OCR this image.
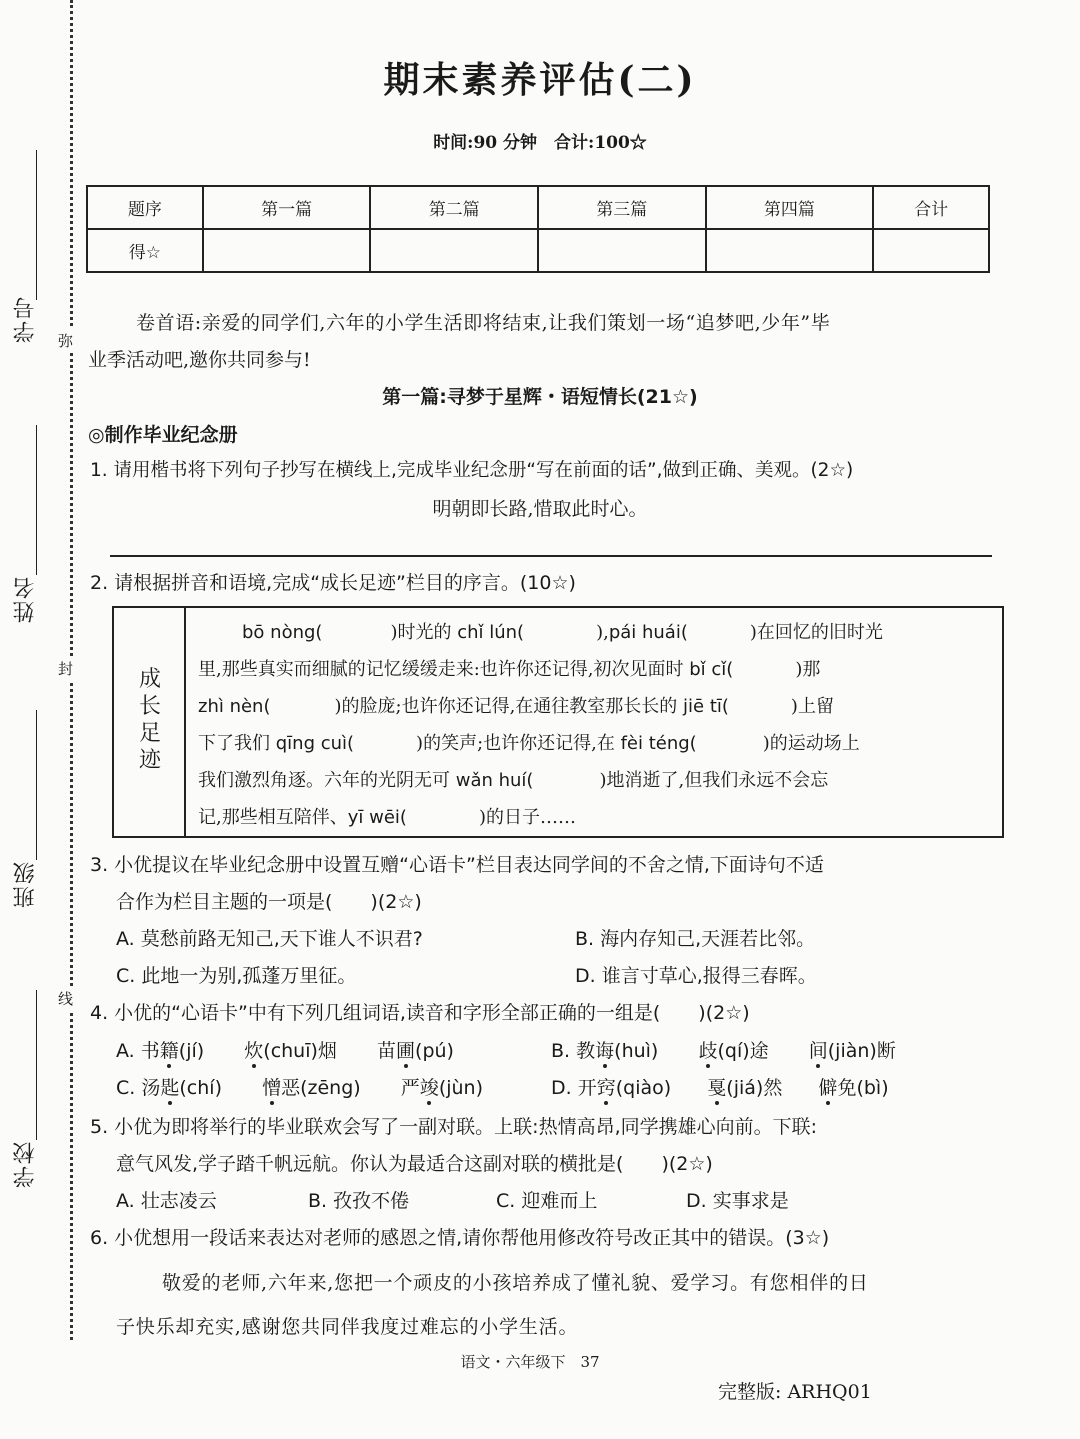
学号
姓名
班级
学校
弥
封
线
期末素养评估(二)
时间:90 分钟　合计:100☆
题序	第一篇	第二篇	第三篇	第四篇	合计
得☆					
卷首语:亲爱的同学们,六年的小学生活即将结束,让我们策划一场“追梦吧,少年”毕
业季活动吧,邀你共同参与!
第一篇:寻梦于星辉・语短情长(21☆)
◎制作毕业纪念册
1. 请用楷书将下列句子抄写在横线上,完成毕业纪念册“写在前面的话”,做到正确、美观。(2☆)
明朝即长路,惜取此时心。
2. 请根据拼音和语境,完成“成长足迹”栏目的序言。(10☆)
成
长
足
迹
bō nòng(	)时光的 chǐ lún(	),pái huái(	)在回忆的旧时光
里,那些真实而细腻的记忆缓缓走来:也许你还记得,初次见面时 bǐ cǐ(	)那
zhì nèn(	)的脸庞;也许你还记得,在通往教室那长长的 jiē tī(	)上留
下了我们 qīng cuì(	)的笑声;也许你还记得,在 fèi téng(	)的运动场上
我们激烈角逐。六年的光阴无可 wǎn huí(	)地消逝了,但我们永远不会忘
记,那些相互陪伴、yī wēi(	)的日子……
3. 小优提议在毕业纪念册中设置互赠“心语卡”栏目表达同学间的不舍之情,下面诗句不适
合作为栏目主题的一项是(　　)(2☆)
A. 莫愁前路无知己,天下谁人不识君?	B. 海内存知己,天涯若比邻。
C. 此地一为别,孤蓬万里征。	D. 谁言寸草心,报得三春晖。
4. 小优的“心语卡”中有下列几组词语,读音和字形全部正确的一组是(　　)(2☆)
A. 书籍(jí) 炊(chuī)烟 苗圃(pú)	B. 教诲(huì) 歧(qí)途 间(jiàn)断
C. 汤匙(chí) 憎恶(zēng) 严竣(jùn)	D. 开窍(qiào) 戛(jiá)然 僻免(bì)
5. 小优为即将举行的毕业联欢会写了一副对联。上联:热情高昂,同学携雄心向前。下联:
意气风发,学子踏千帆远航。你认为最适合这副对联的横批是(　　)(2☆)
A. 壮志凌云	B. 孜孜不倦	C. 迎难而上	D. 实事求是
6. 小优想用一段话来表达对老师的感恩之情,请你帮他用修改符号改正其中的错误。(3☆)
敬爱的老师,六年来,您把一个顽皮的小孩培养成了懂礼貌、爱学习。有您相伴的日
子快乐却充实,感谢您共同伴我度过难忘的小学生活。
语文・六年级下　37
完整版: ARHQ01
